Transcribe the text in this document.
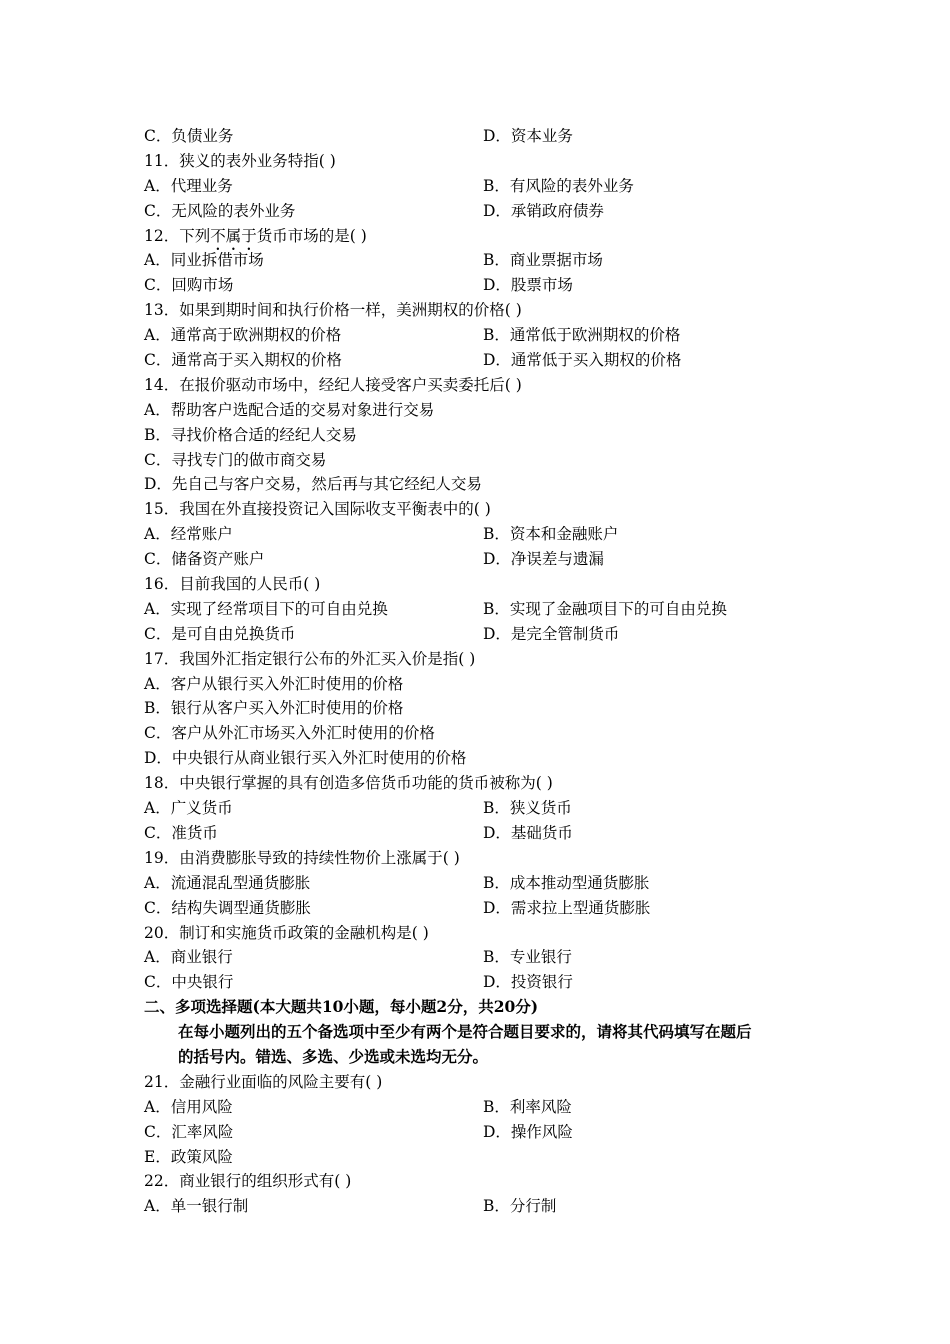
C．负债业务	D．资本业务
11．狭义的表外业务特指( )
A．代理业务	B．有风险的表外业务
C．无风险的表外业务	D．承销政府债券
12．下列不属于货币市场的是( )
A．同业拆借市场	B．商业票据市场
C．回购市场	D．股票市场
13．如果到期时间和执行价格一样，美洲期权的价格( )
A．通常高于欧洲期权的价格	B．通常低于欧洲期权的价格
C．通常高于买入期权的价格	D．通常低于买入期权的价格
14．在报价驱动市场中，经纪人接受客户买卖委托后( )
A．帮助客户选配合适的交易对象进行交易
B．寻找价格合适的经纪人交易
C．寻找专门的做市商交易
D．先自己与客户交易，然后再与其它经纪人交易
15．我国在外直接投资记入国际收支平衡表中的( )
A．经常账户	B．资本和金融账户
C．储备资产账户	D．净误差与遗漏
16．目前我国的人民币( )
A．实现了经常项目下的可自由兑换	B．实现了金融项目下的可自由兑换
C．是可自由兑换货币	D．是完全管制货币
17．我国外汇指定银行公布的外汇买入价是指( )
A．客户从银行买入外汇时使用的价格
B．银行从客户买入外汇时使用的价格
C．客户从外汇市场买入外汇时使用的价格
D．中央银行从商业银行买入外汇时使用的价格
18．中央银行掌握的具有创造多倍货币功能的货币被称为( )
A．广义货币	B．狭义货币
C．准货币	D．基础货币
19．由消费膨胀导致的持续性物价上涨属于( )
A．流通混乱型通货膨胀	B．成本推动型通货膨胀
C．结构失调型通货膨胀	D．需求拉上型通货膨胀
20．制订和实施货币政策的金融机构是( )
A．商业银行	B．专业银行
C．中央银行	D．投资银行
二、多项选择题(本大题共10小题，每小题2分，共20分)
在每小题列出的五个备选项中至少有两个是符合题目要求的，请将其代码填写在题后
的括号内。错选、多选、少选或未选均无分。
21．金融行业面临的风险主要有( )
A．信用风险	B．利率风险
C．汇率风险	D．操作风险
E．政策风险
22．商业银行的组织形式有( )
A．单一银行制	B．分行制
